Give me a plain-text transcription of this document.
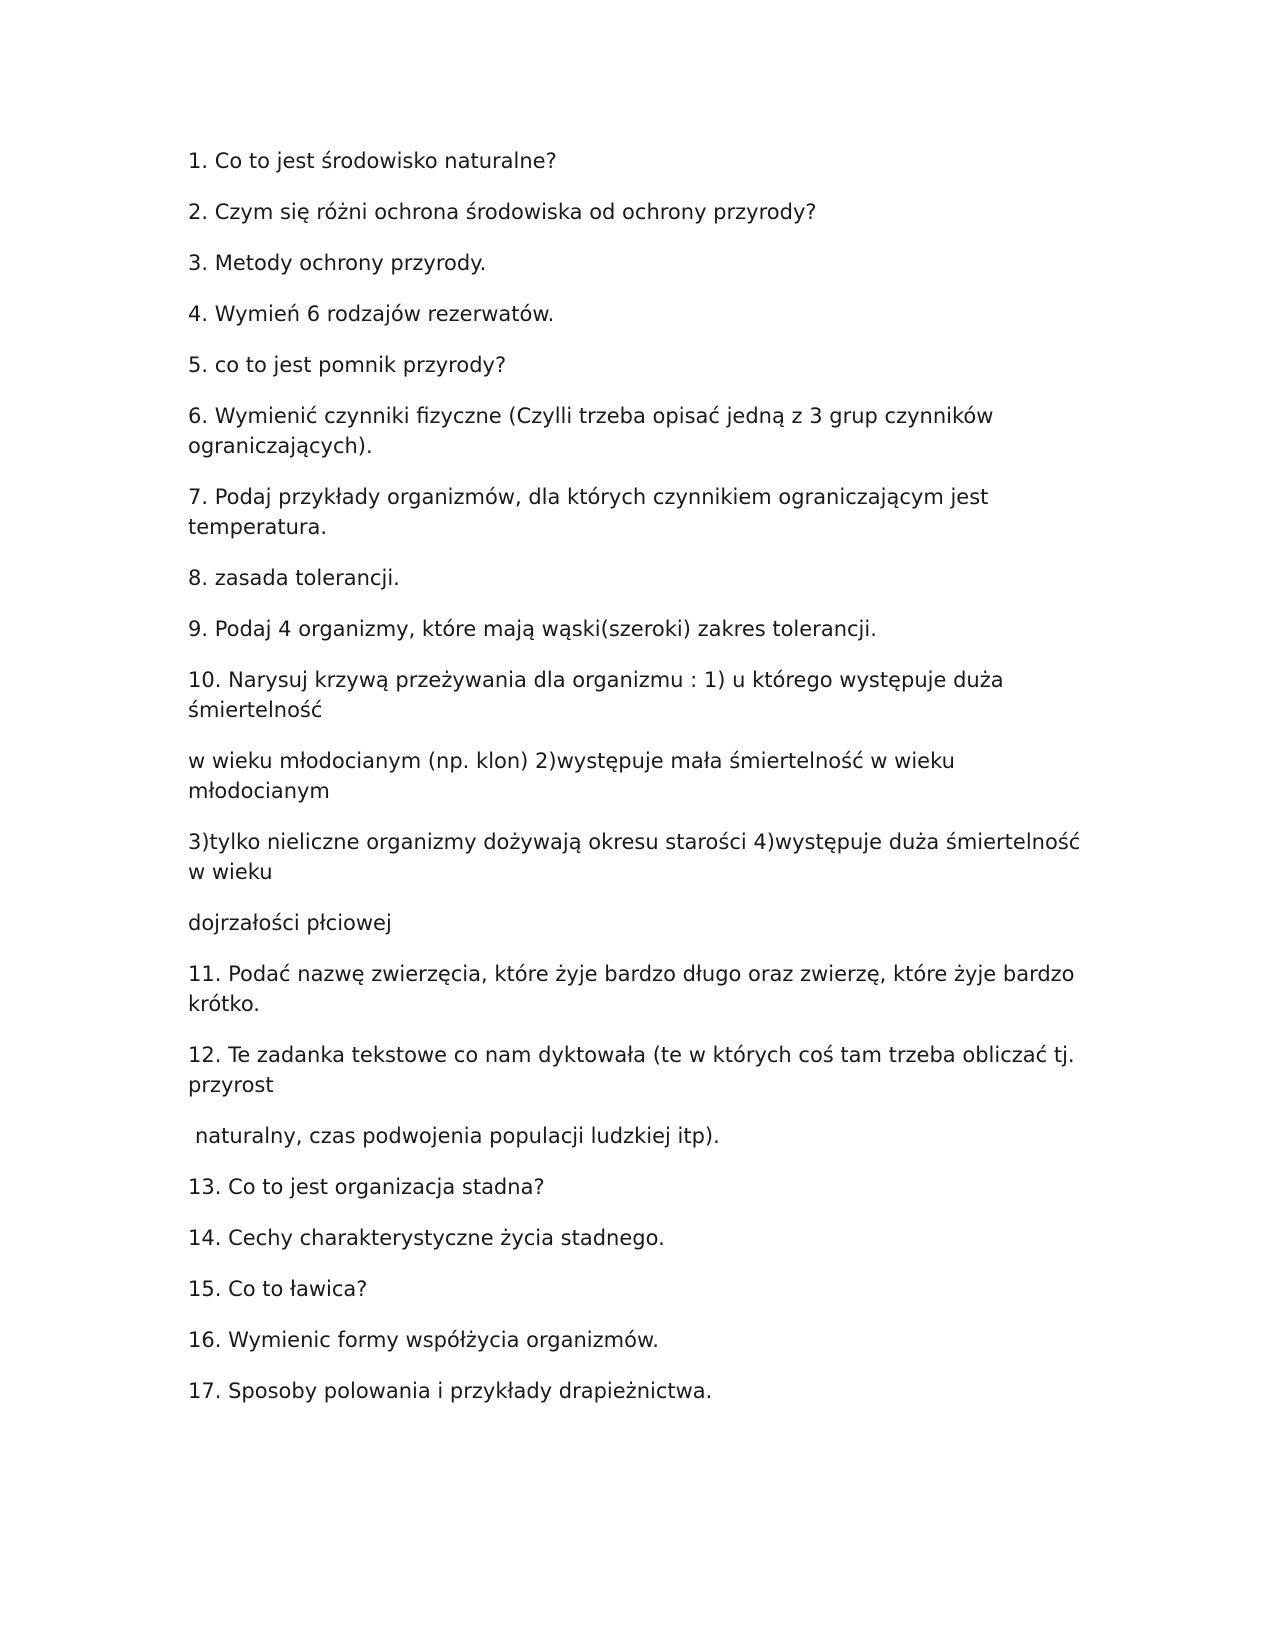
1. Co to jest środowisko naturalne?

2. Czym się różni ochrona środowiska od ochrony przyrody?

3. Metody ochrony przyrody.

4. Wymień 6 rodzajów rezerwatów.

5. co to jest pomnik przyrody?

6. Wymienić czynniki fizyczne (Czylli trzeba opisać jedną z 3 grup czynników ograniczających).

7. Podaj przykłady organizmów, dla których czynnikiem ograniczającym jest temperatura.

8. zasada tolerancji.

9. Podaj 4 organizmy, które mają wąski(szeroki) zakres tolerancji.

10. Narysuj krzywą przeżywania dla organizmu : 1) u którego występuje duża śmiertelność

w wieku młodocianym (np. klon) 2)występuje mała śmiertelność w wieku młodocianym

3)tylko nieliczne organizmy dożywają okresu starości 4)występuje duża śmiertelność w wieku

dojrzałości płciowej

11. Podać nazwę zwierzęcia, które żyje bardzo długo oraz zwierzę, które żyje bardzo krótko.

12. Te zadanka tekstowe co nam dyktowała (te w których coś tam trzeba obliczać tj. przyrost

naturalny, czas podwojenia populacji ludzkiej itp).

13. Co to jest organizacja stadna?

14. Cechy charakterystyczne życia stadnego.

15. Co to ławica?

16. Wymienic formy współżycia organizmów.

17. Sposoby polowania i przykłady drapieżnictwa.
